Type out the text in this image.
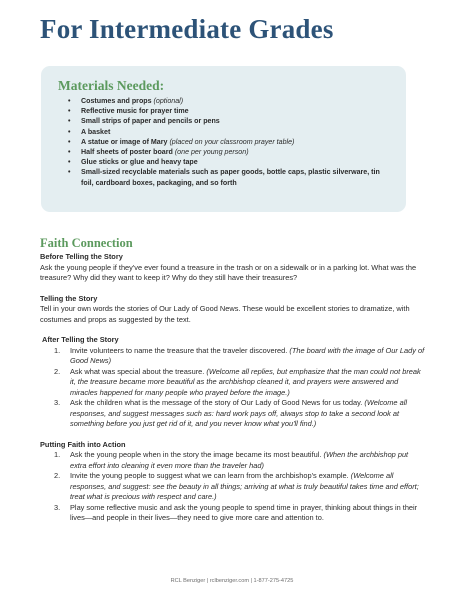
For Intermediate Grades
Materials Needed:
• Costumes and props (optional)
• Reflective music for prayer time
• Small strips of paper and pencils or pens
• A basket
• A statue or image of Mary (placed on your classroom prayer table)
• Half sheets of poster board (one per young person)
• Glue sticks or glue and heavy tape
• Small-sized recyclable materials such as paper goods, bottle caps, plastic silverware, tin foil, cardboard boxes, packaging, and so forth
Faith Connection
Before Telling the Story
Ask the young people if they've ever found a treasure in the trash or on a sidewalk or in a parking lot. What was the treasure? Why did they want to keep it? Why do they still have their treasures?
Telling the Story
Tell in your own words the stories of Our Lady of Good News. These would be excellent stories to dramatize, with costumes and props as suggested by the text.
After Telling the Story
1. Invite volunteers to name the treasure that the traveler discovered. (The board with the image of Our Lady of Good News)
2. Ask what was special about the treasure. (Welcome all replies, but emphasize that the man could not break it, the treasure became more beautiful as the archbishop cleaned it, and prayers were answered and miracles happened for many people who prayed before the image.)
3. Ask the children what is the message of the story of Our Lady of Good News for us today. (Welcome all responses, and suggest messages such as: hard work pays off, always stop to take a second look at something before you just get rid of it, and you never know what you'll find.)
Putting Faith into Action
1. Ask the young people when in the story the image became its most beautiful. (When the archbishop put extra effort into cleaning it even more than the traveler had)
2. Invite the young people to suggest what we can learn from the archbishop's example. (Welcome all responses, and suggest: see the beauty in all things; arriving at what is truly beautiful takes time and effort; treat what is precious with respect and care.)
3. Play some reflective music and ask the young people to spend time in prayer, thinking about things in their lives—and people in their lives—they need to give more care and attention to.
RCL Benziger | rclbenziger.com | 1-877-275-4725
